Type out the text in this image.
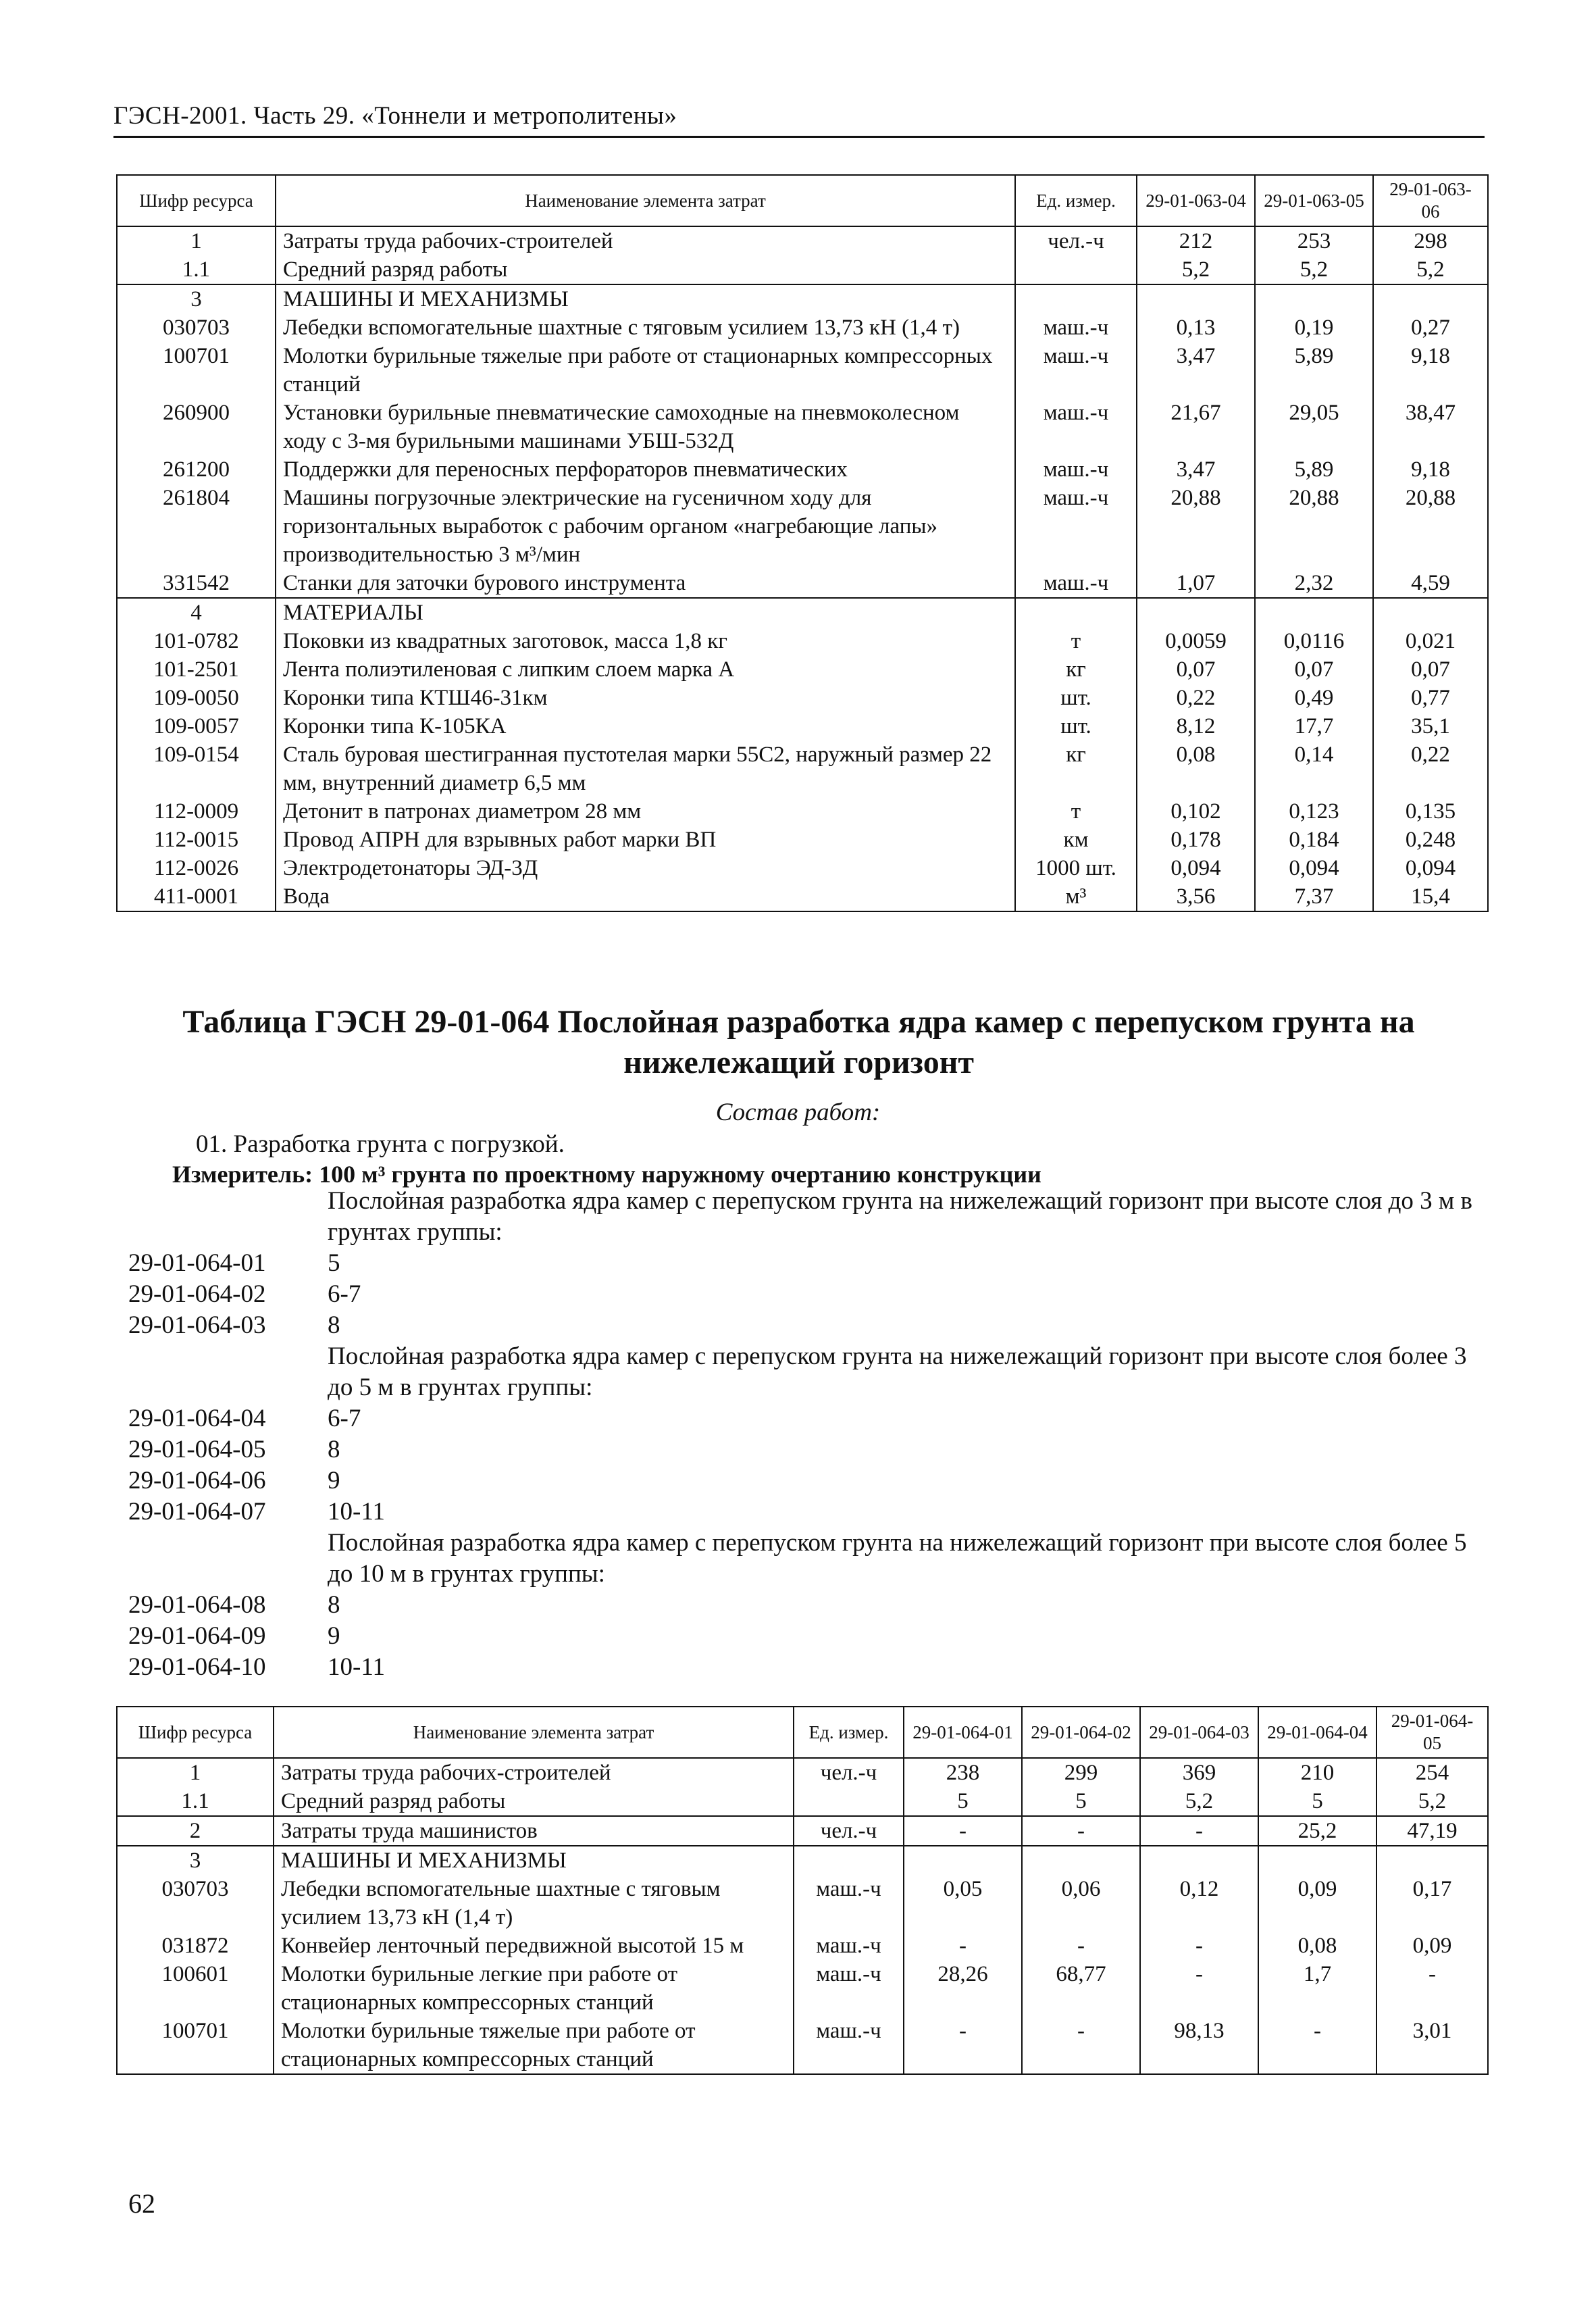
ГЭСН-2001. Часть 29. «Тоннели и метрополитены»
Шифр ресурса	Наименование элемента затрат	Ед. измер.	29-01-063-04	29-01-063-05	29-01-063-06
1	Затраты труда рабочих-строителей	чел.-ч	212	253	298
1.1	Средний разряд работы		5,2	5,2	5,2
3	МАШИНЫ И МЕХАНИЗМЫ				
030703	Лебедки вспомогательные шахтные с тяговым усилием 13,73 кН (1,4 т)	маш.-ч	0,13	0,19	0,27
100701	Молотки бурильные тяжелые при работе от стационарных компрессорных станций	маш.-ч	3,47	5,89	9,18
260900	Установки бурильные пневматические самоходные на пневмоколесном ходу с 3-мя бурильными машинами УБШ-532Д	маш.-ч	21,67	29,05	38,47
261200	Поддержки для переносных перфораторов пневматических	маш.-ч	3,47	5,89	9,18
261804	Машины погрузочные электрические на гусеничном ходу для горизонтальных выработок с рабочим органом «нагребающие лапы» производительностью 3 м³/мин	маш.-ч	20,88	20,88	20,88
331542	Станки для заточки бурового инструмента	маш.-ч	1,07	2,32	4,59
4	МАТЕРИАЛЫ				
101-0782	Поковки из квадратных заготовок, масса 1,8 кг	т	0,0059	0,0116	0,021
101-2501	Лента полиэтиленовая с липким слоем марка А	кг	0,07	0,07	0,07
109-0050	Коронки типа КТШ46-31км	шт.	0,22	0,49	0,77
109-0057	Коронки типа К-105КА	шт.	8,12	17,7	35,1
109-0154	Сталь буровая шестигранная пустотелая марки 55С2, наружный размер 22 мм, внутренний диаметр 6,5 мм	кг	0,08	0,14	0,22
112-0009	Детонит в патронах диаметром 28 мм	т	0,102	0,123	0,135
112-0015	Провод АПРН для взрывных работ марки ВП	км	0,178	0,184	0,248
112-0026	Электродетонаторы ЭД-3Д	1000 шт.	0,094	0,094	0,094
411-0001	Вода	м³	3,56	7,37	15,4
Таблица ГЭСН 29-01-064 Послойная разработка ядра камер с перепуском грунта на нижележащий горизонт
Состав работ:
01. Разработка грунта с погрузкой.
Измеритель: 100 м³ грунта по проектному наружному очертанию конструкции
Послойная разработка ядра камер с перепуском грунта на нижележащий горизонт при высоте слоя до 3 м в грунтах группы:
29-01-064-01 5
29-01-064-02 6-7
29-01-064-03 8
Послойная разработка ядра камер с перепуском грунта на нижележащий горизонт при высоте слоя более 3 до 5 м в грунтах группы:
29-01-064-04 6-7
29-01-064-05 8
29-01-064-06 9
29-01-064-07 10-11
Послойная разработка ядра камер с перепуском грунта на нижележащий горизонт при высоте слоя более 5 до 10 м в грунтах группы:
29-01-064-08 8
29-01-064-09 9
29-01-064-10 10-11
Шифр ресурса	Наименование элемента затрат	Ед. измер.	29-01-064-01	29-01-064-02	29-01-064-03	29-01-064-04	29-01-064-05
1	Затраты труда рабочих-строителей	чел.-ч	238	299	369	210	254
1.1	Средний разряд работы		5	5	5,2	5	5,2
2	Затраты труда машинистов	чел.-ч	-	-	-	25,2	47,19
3	МАШИНЫ И МЕХАНИЗМЫ						
030703	Лебедки вспомогательные шахтные с тяговым усилием 13,73 кН (1,4 т)	маш.-ч	0,05	0,06	0,12	0,09	0,17
031872	Конвейер ленточный передвижной высотой 15 м	маш.-ч	-	-	-	0,08	0,09
100601	Молотки бурильные легкие при работе от стационарных компрессорных станций	маш.-ч	28,26	68,77	-	1,7	-
100701	Молотки бурильные тяжелые при работе от стационарных компрессорных станций	маш.-ч	-	-	98,13	-	3,01
62
